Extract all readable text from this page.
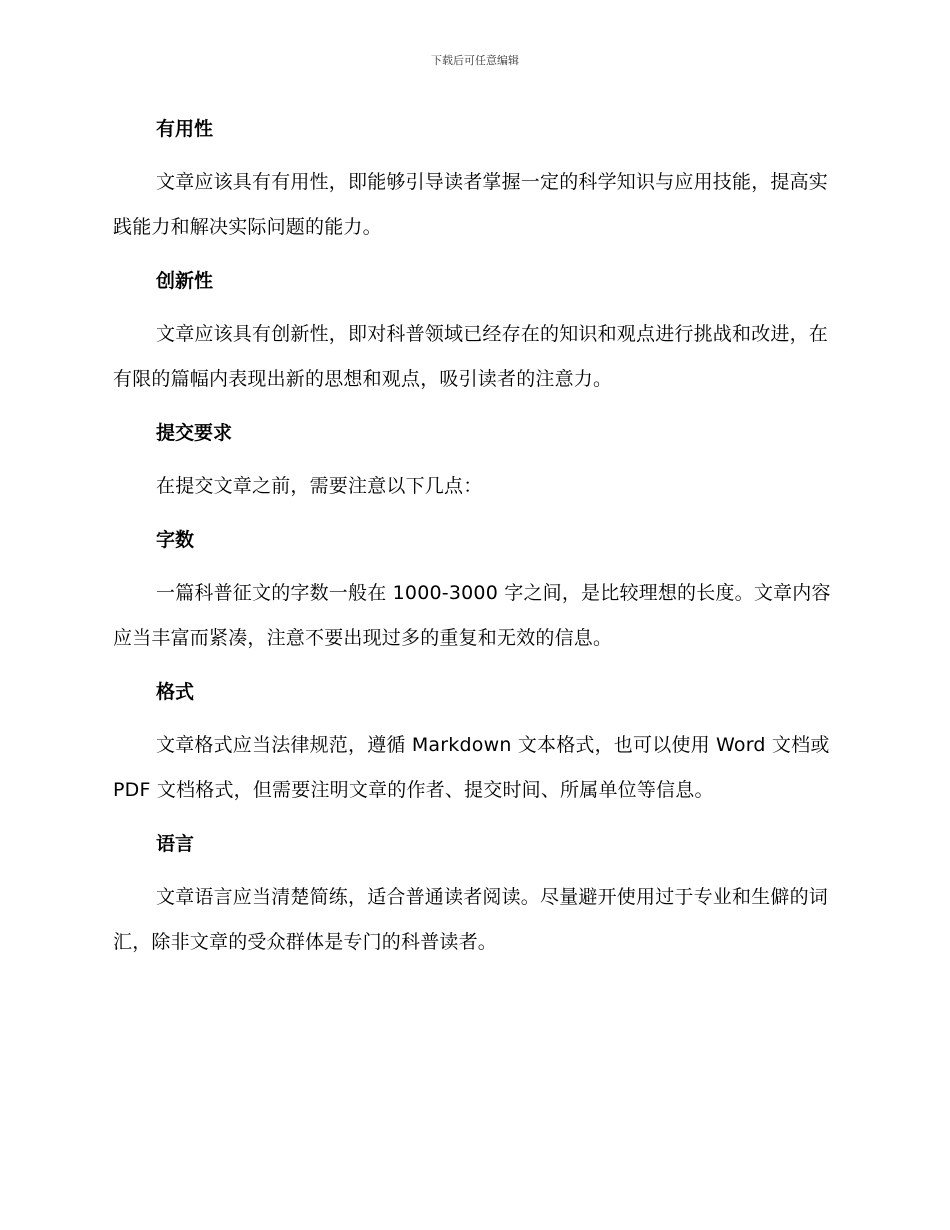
下载后可任意编辑
有用性

文章应该具有有用性，即能够引导读者掌握一定的科学知识与应用技能，提高实践能力和解决实际问题的能力。

创新性

文章应该具有创新性，即对科普领域已经存在的知识和观点进行挑战和改进，在有限的篇幅内表现出新的思想和观点，吸引读者的注意力。

提交要求

在提交文章之前，需要注意以下几点：

字数

一篇科普征文的字数一般在 1000-3000 字之间，是比较理想的长度。文章内容应当丰富而紧凑，注意不要出现过多的重复和无效的信息。

格式

文章格式应当法律规范，遵循 Markdown 文本格式，也可以使用 Word 文档或 PDF 文档格式，但需要注明文章的作者、提交时间、所属单位等信息。

语言

文章语言应当清楚简练，适合普通读者阅读。尽量避开使用过于专业和生僻的词汇，除非文章的受众群体是专门的科普读者。
